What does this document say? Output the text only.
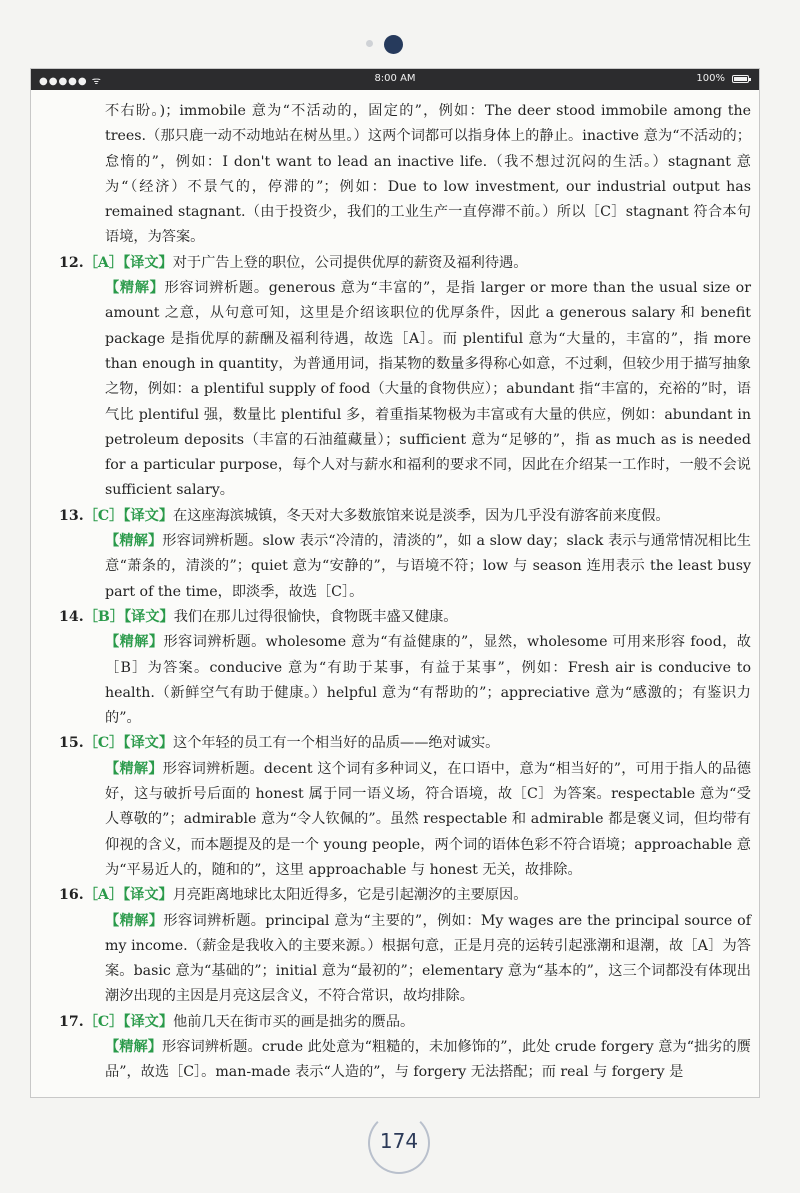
●●●●● ᯤ	8:00 AM	100%

不右盼。)；immobile 意为“不活动的，固定的”，例如：The deer stood immobile among the trees.（那只鹿一动不动地站在树丛里。）这两个词都可以指身体上的静止。inactive 意为“不活动的；怠惰的”，例如：I don't want to lead an inactive life.（我不想过沉闷的生活。）stagnant 意为“（经济）不景气的，停滞的”；例如：Due to low investment, our industrial output has remained stagnant.（由于投资少，我们的工业生产一直停滞不前。）所以［C］stagnant 符合本句语境，为答案。

12.［A］【译文】对于广告上登的职位，公司提供优厚的薪资及福利待遇。

【精解】形容词辨析题。generous 意为“丰富的”，是指 larger or more than the usual size or amount 之意，从句意可知，这里是介绍该职位的优厚条件，因此 a generous salary 和 benefit package 是指优厚的薪酬及福利待遇，故选［A］。而 plentiful 意为“大量的，丰富的”，指 more than enough in quantity，为普通用词，指某物的数量多得称心如意，不过剩，但较少用于描写抽象之物，例如：a plentiful supply of food（大量的食物供应）；abundant 指“丰富的，充裕的”时，语气比 plentiful 强，数量比 plentiful 多，着重指某物极为丰富或有大量的供应，例如：abundant in petroleum deposits（丰富的石油蕴藏量）；sufficient 意为“足够的”，指 as much as is needed for a particular purpose，每个人对与薪水和福利的要求不同，因此在介绍某一工作时，一般不会说 sufficient salary。

13.［C］【译文】在这座海滨城镇，冬天对大多数旅馆来说是淡季，因为几乎没有游客前来度假。

【精解】形容词辨析题。slow 表示“冷清的，清淡的”，如 a slow day；slack 表示与通常情况相比生意“萧条的，清淡的”；quiet 意为“安静的”，与语境不符；low 与 season 连用表示 the least busy part of the time，即淡季，故选［C］。

14.［B］【译文】我们在那儿过得很愉快，食物既丰盛又健康。

【精解】形容词辨析题。wholesome 意为“有益健康的”，显然，wholesome 可用来形容 food，故［B］为答案。conducive 意为“有助于某事，有益于某事”，例如：Fresh air is conducive to health.（新鲜空气有助于健康。）helpful 意为“有帮助的”；appreciative 意为“感激的；有鉴识力的”。

15.［C］【译文】这个年轻的员工有一个相当好的品质——绝对诚实。

【精解】形容词辨析题。decent 这个词有多种词义，在口语中，意为“相当好的”，可用于指人的品德好，这与破折号后面的 honest 属于同一语义场，符合语境，故［C］为答案。respectable 意为“受人尊敬的”；admirable 意为“令人钦佩的”。虽然 respectable 和 admirable 都是褒义词，但均带有仰视的含义，而本题提及的是一个 young people，两个词的语体色彩不符合语境；approachable 意为“平易近人的，随和的”，这里 approachable 与 honest 无关，故排除。

16.［A］【译文】月亮距离地球比太阳近得多，它是引起潮汐的主要原因。

【精解】形容词辨析题。principal 意为“主要的”，例如：My wages are the principal source of my income.（薪金是我收入的主要来源。）根据句意，正是月亮的运转引起涨潮和退潮，故［A］为答案。basic 意为“基础的”；initial 意为“最初的”；elementary 意为“基本的”，这三个词都没有体现出潮汐出现的主因是月亮这层含义，不符合常识，故均排除。

17.［C］【译文】他前几天在街市买的画是拙劣的赝品。

【精解】形容词辨析题。crude 此处意为“粗糙的，未加修饰的”，此处 crude forgery 意为“拙劣的赝品”，故选［C］。man-made 表示“人造的”，与 forgery 无法搭配；而 real 与 forgery 是

174
